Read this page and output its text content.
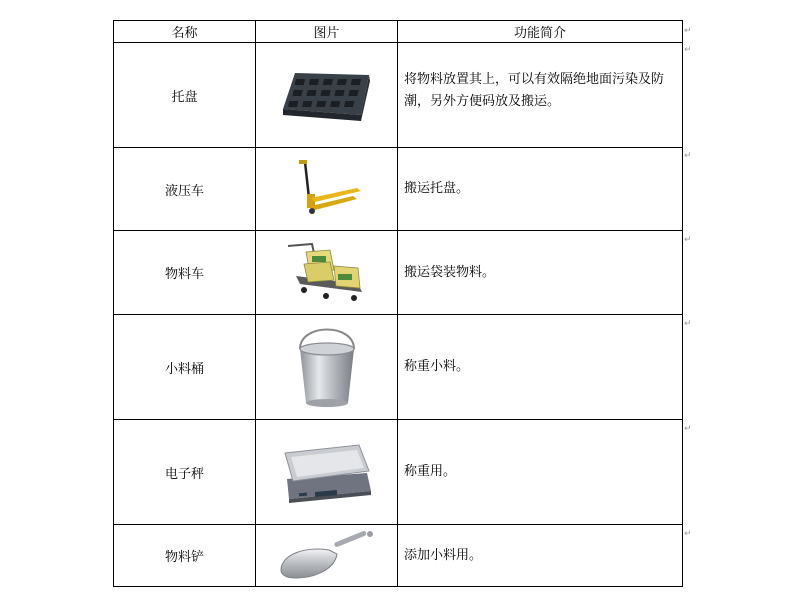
名称	图片	功能简介
托盘		将物料放置其上，可以有效隔绝地面污染及防潮，另外方便码放及搬运。
液压车		搬运托盘。
物料车		搬运袋装物料。
小料桶		称重小料。
电子秤		称重用。
物料铲		添加小料用。
↵
↵
↵
↵
↵
↵
↵
